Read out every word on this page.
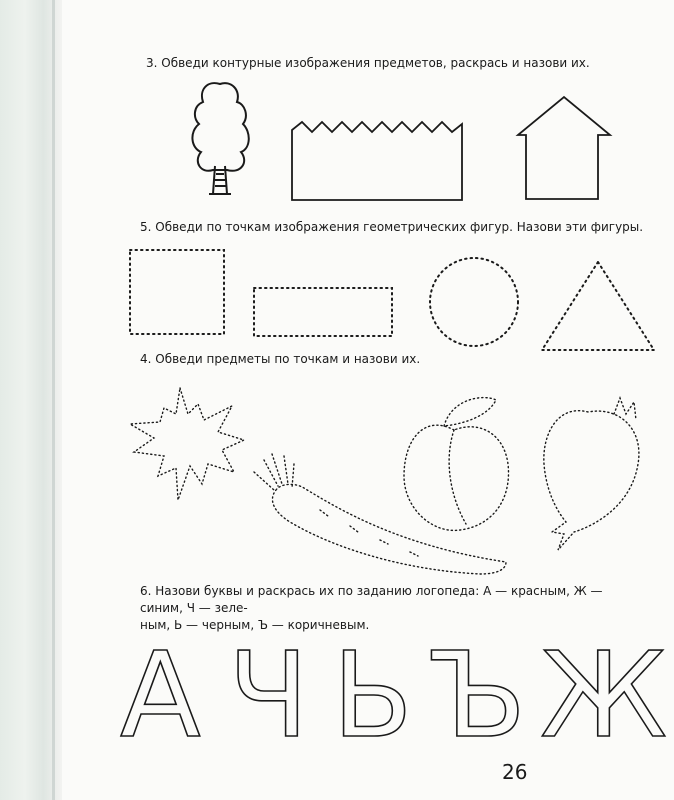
3. Обведи контурные изображения предметов, раскрась и назови их.

5. Обведи по точкам изображения геометрических фигур. Назови эти фигуры.

4. Обведи предметы по точкам и назови их.

6. Назови буквы и раскрась их по заданию логопеда: А — красным, Ж — синим, Ч — зеле-
ным, Ь — черным, Ъ — коричневым.
А Ч Ь Ъ Ж
26
